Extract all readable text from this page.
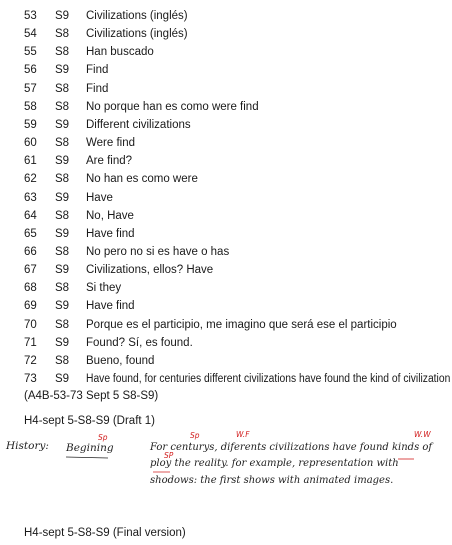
53	S9	Civilizations (inglés)
54	S8	Civilizations (inglés)
55	S8	Han buscado
56	S9	Find
57	S8	Find
58	S8	No porque han es como were find
59	S9	Different civilizations
60	S8	Were find
61	S9	Are find?
62	S8	No han es como were
63	S9	Have
64	S8	No, Have
65	S9	Have find
66	S8	No pero no si es have o has
67	S9	Civilizations, ellos? Have
68	S8	Si they
69	S9	Have find
70	S8	Porque es el participio, me imagino que será ese el participio
71	S9	Found? Sí, es found.
72	S8	Bueno, found
73	S9	Have found, for centuries different civilizations have found the kind of civilization
(A4B-53-73 Sept 5 S8-S9)
H4-sept 5-S8-S9 (Draft 1)
History: Begining	For centurys, diferents civilizations have found kinds of
ploy the reality. for example, representation with
shodows: the first shows with animated images.
Sp	Sp	W.F	W.W
SP
H4-sept 5-S8-S9 (Final version)
